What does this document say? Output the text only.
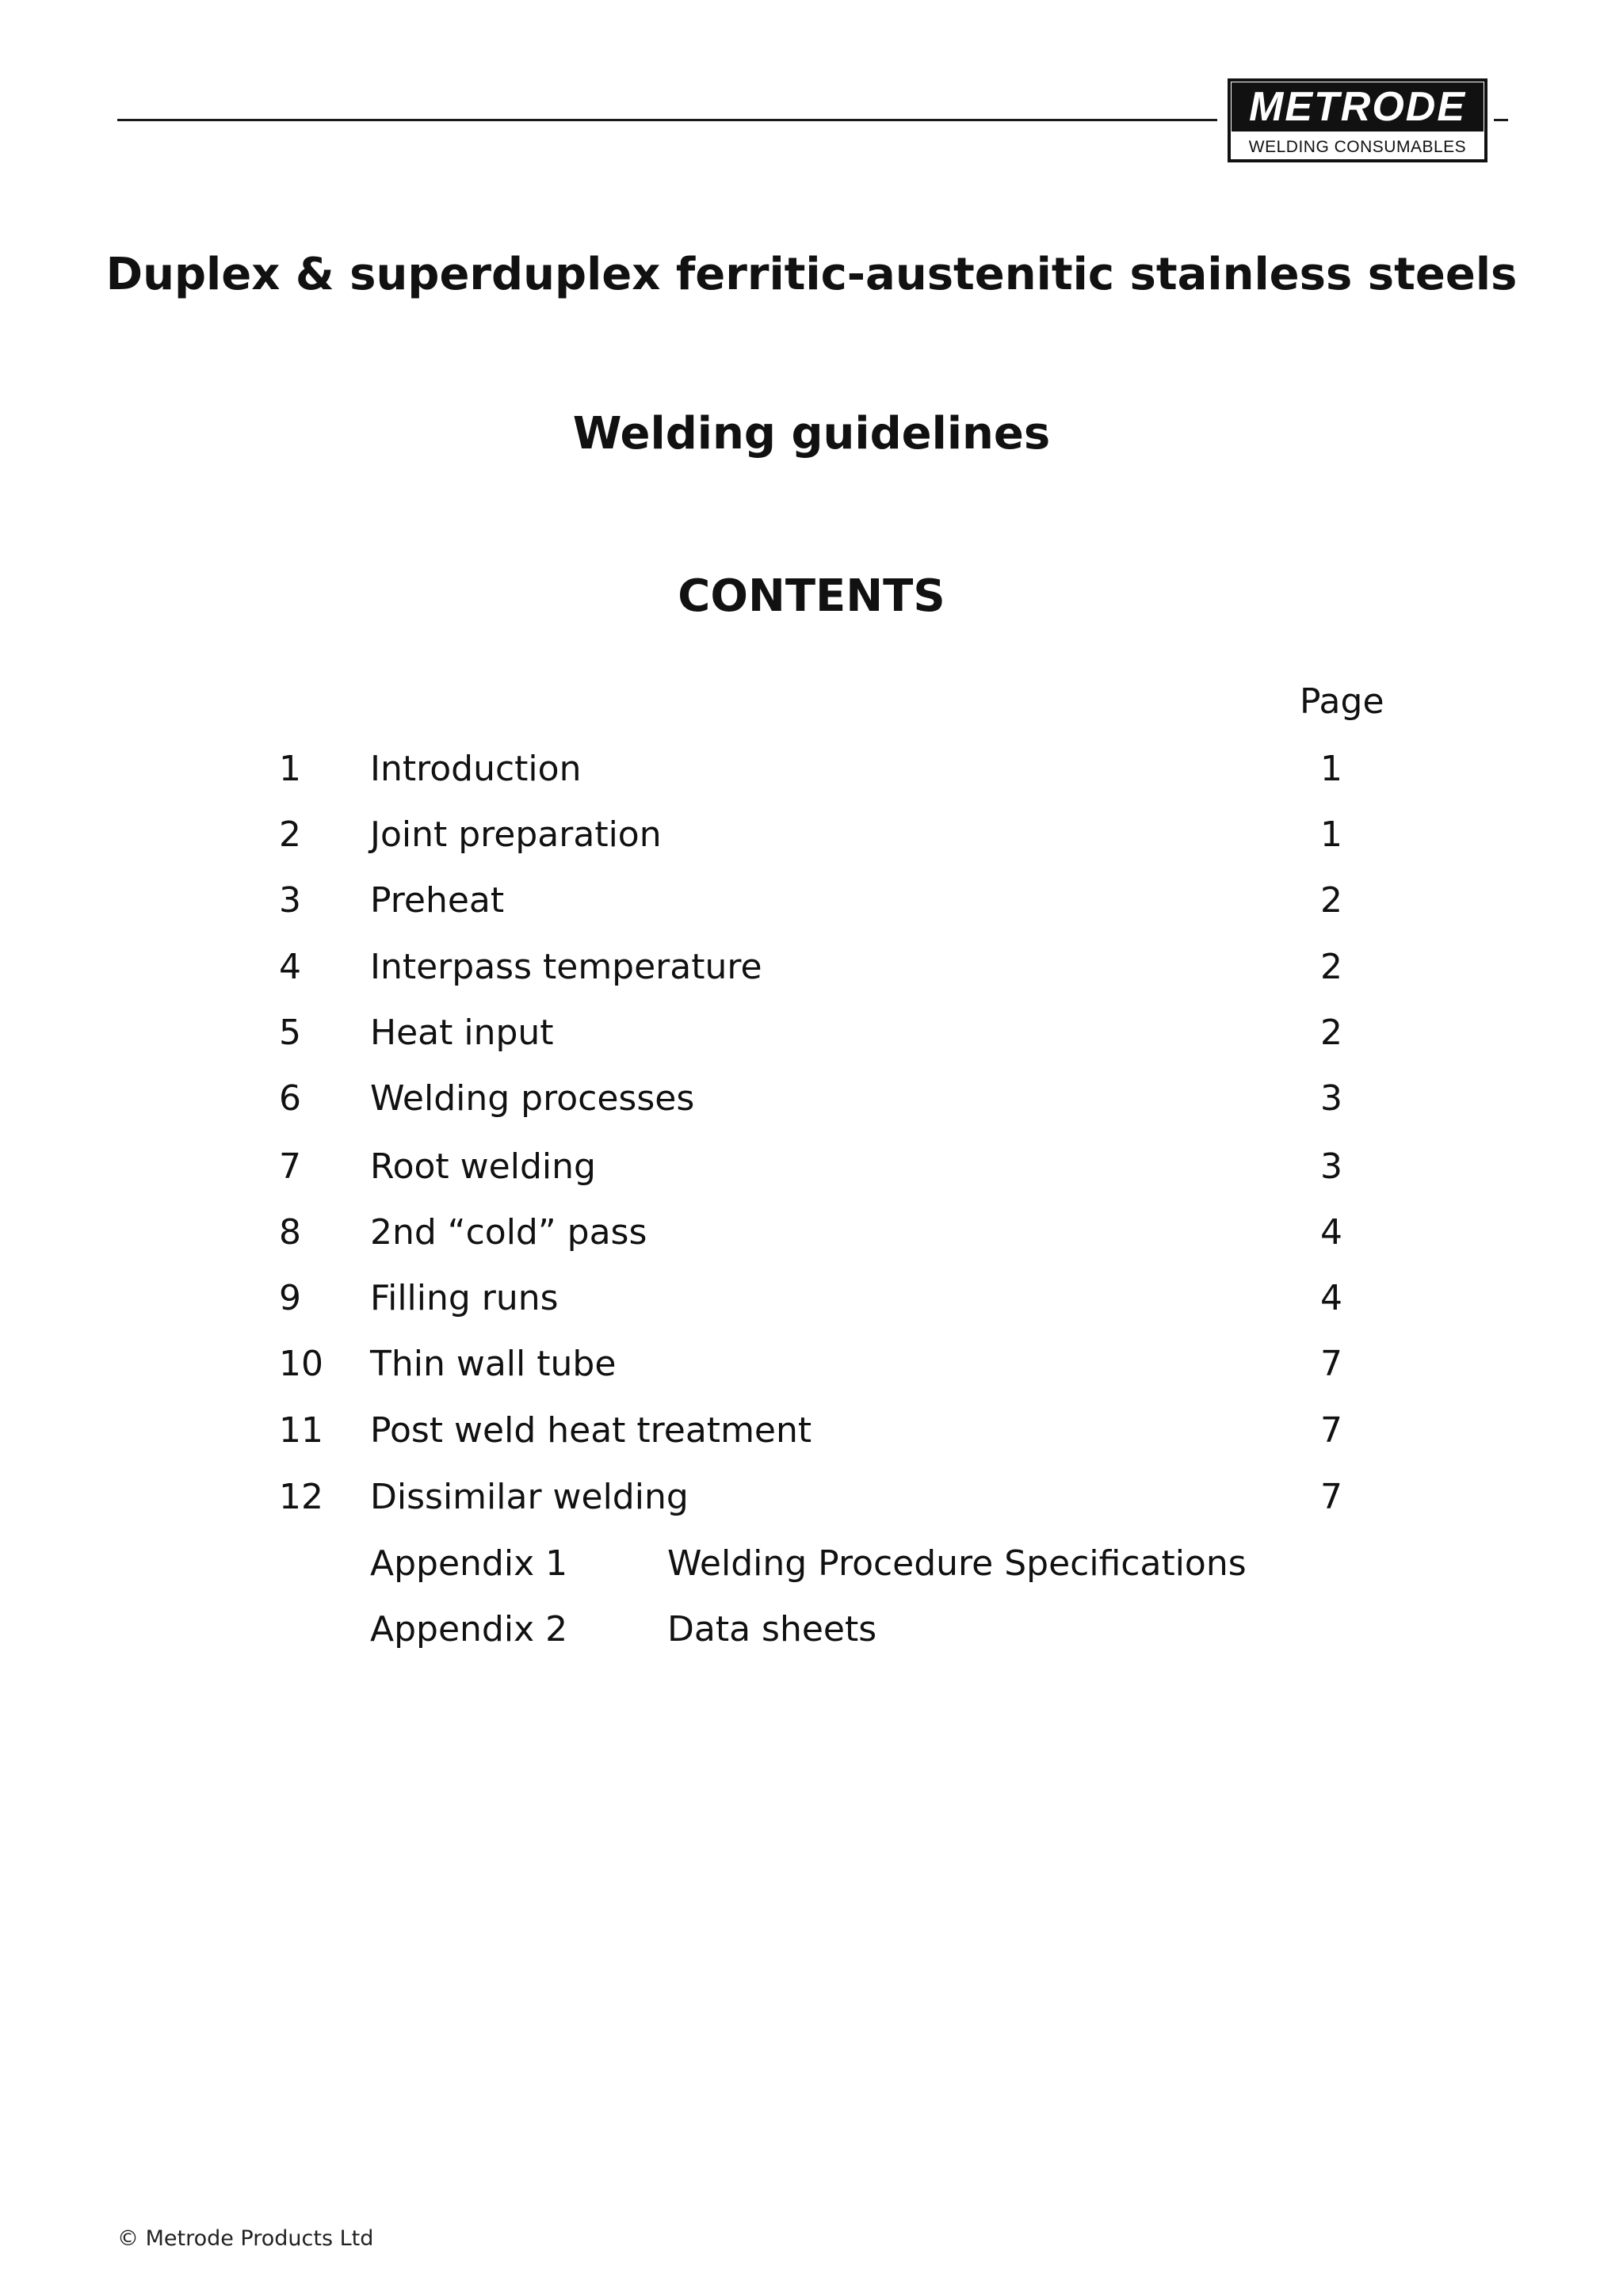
METRODE
WELDING CONSUMABLES
Duplex & superduplex ferritic-austenitic stainless steels
Welding guidelines
CONTENTS
Page
1 Introduction	1
2 Joint preparation	1
3 Preheat	2
4 Interpass temperature	2
5 Heat input	2
6 Welding processes	3
7 Root welding	3
8 2nd “cold” pass	4
9 Filling runs	4
10 Thin wall tube	7
11 Post weld heat treatment	7
12 Dissimilar welding	7
Appendix 1	Welding Procedure Specifications
Appendix 2	Data sheets
© Metrode Products Ltd
